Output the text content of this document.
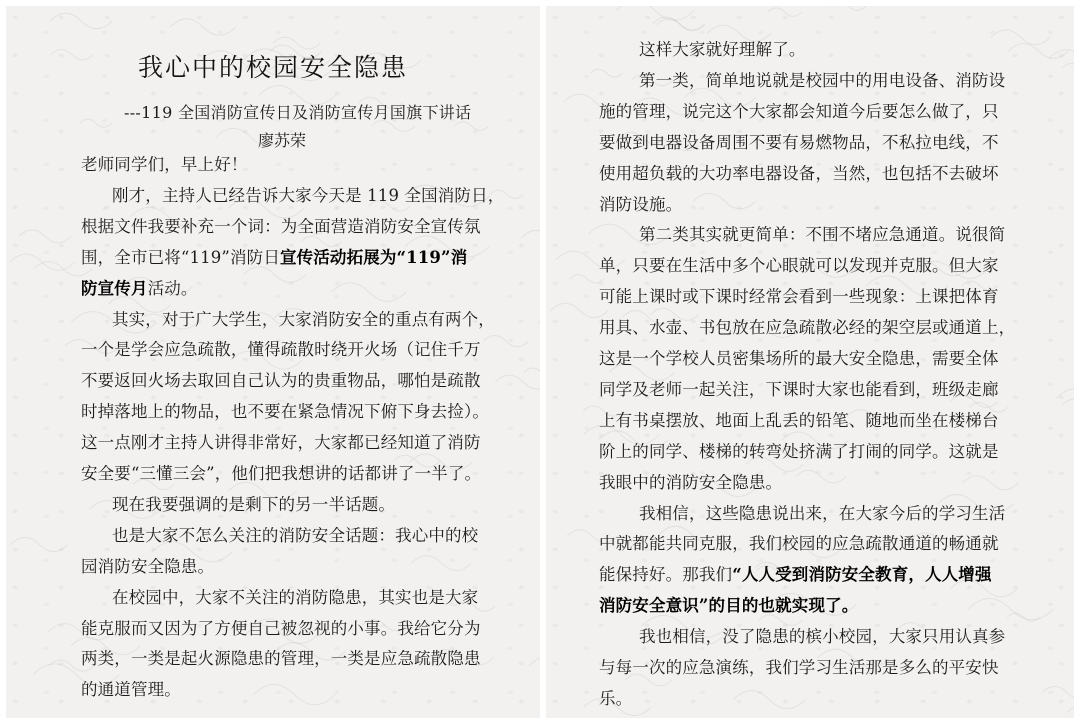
我心中的校园安全隐患
---119 全国消防宣传日及消防宣传月国旗下讲话
廖苏荣
老师同学们，早上好！
刚才，主持人已经告诉大家今天是 119 全国消防日，
根据文件我要补充一个词：为全面营造消防安全宣传氛
围，全市已将“119”消防日宣传活动拓展为“119”消
防宣传月活动。
其实，对于广大学生，大家消防安全的重点有两个，
一个是学会应急疏散，懂得疏散时绕开火场（记住千万
不要返回火场去取回自己认为的贵重物品，哪怕是疏散
时掉落地上的物品，也不要在紧急情况下俯下身去捡）。
这一点刚才主持人讲得非常好，大家都已经知道了消防
安全要“三懂三会”，他们把我想讲的话都讲了一半了。
现在我要强调的是剩下的另一半话题。
也是大家不怎么关注的消防安全话题：我心中的校
园消防安全隐患。
在校园中，大家不关注的消防隐患，其实也是大家
能克服而又因为了方便自己被忽视的小事。我给它分为
两类，一类是起火源隐患的管理，一类是应急疏散隐患
的通道管理。
这样大家就好理解了。
第一类，简单地说就是校园中的用电设备、消防设
施的管理，说完这个大家都会知道今后要怎么做了，只
要做到电器设备周围不要有易燃物品，不私拉电线，不
使用超负载的大功率电器设备，当然，也包括不去破坏
消防设施。
第二类其实就更简单：不围不堵应急通道。说很简
单，只要在生活中多个心眼就可以发现并克服。但大家
可能上课时或下课时经常会看到一些现象：上课把体育
用具、水壶、书包放在应急疏散必经的架空层或通道上，
这是一个学校人员密集场所的最大安全隐患，需要全体
同学及老师一起关注，下课时大家也能看到，班级走廊
上有书桌摆放、地面上乱丢的铅笔、随地而坐在楼梯台
阶上的同学、楼梯的转弯处挤满了打闹的同学。这就是
我眼中的消防安全隐患。
我相信，这些隐患说出来，在大家今后的学习生活
中就都能共同克服，我们校园的应急疏散通道的畅通就
能保持好。那我们“人人受到消防安全教育，人人增强
消防安全意识”的目的也就实现了。
我也相信，没了隐患的槟小校园，大家只用认真参
与每一次的应急演练，我们学习生活那是多么的平安快
乐。
